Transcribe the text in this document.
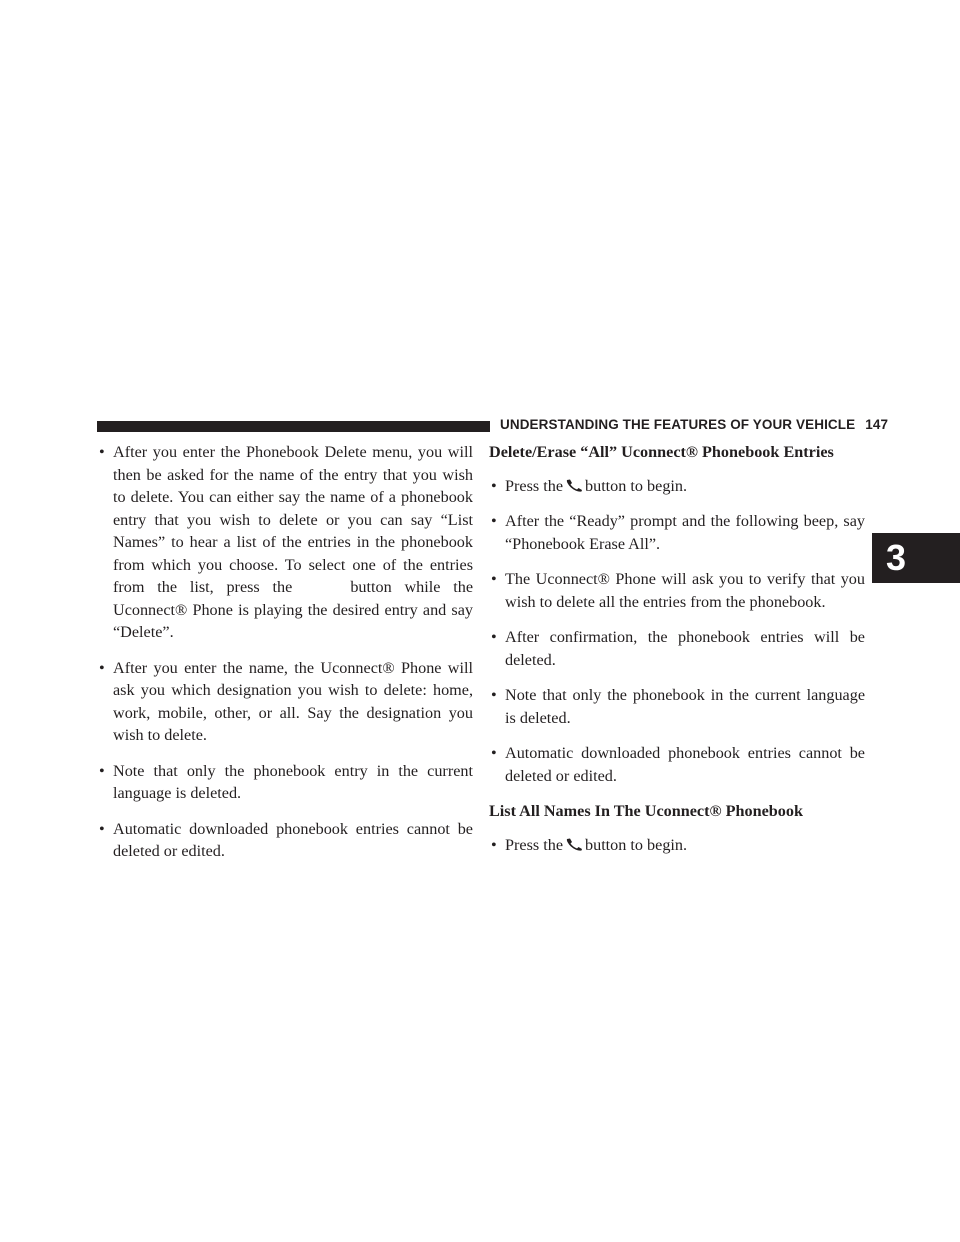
UNDERSTANDING THE FEATURES OF YOUR VEHICLE 147
3
• After you enter the Phonebook Delete menu, you will then be asked for the name of the entry that you wish to delete. You can either say the name of a phonebook entry that you wish to delete or you can say “List Names” to hear a list of the entries in the phonebook from which you choose. To select one of the entries from the list, press the	button while the Uconnect® Phone is playing the desired entry and say “Delete”.
• After you enter the name, the Uconnect® Phone will ask you which designation you wish to delete: home, work, mobile, other, or all. Say the designation you wish to delete.
• Note that only the phonebook entry in the current language is deleted.
• Automatic downloaded phonebook entries cannot be deleted or edited.
Delete/Erase “All” Uconnect® Phonebook Entries
• Press the button to begin.
• After the “Ready” prompt and the following beep, say “Phonebook Erase All”.
• The Uconnect® Phone will ask you to verify that you wish to delete all the entries from the phonebook.
• After confirmation, the phonebook entries will be deleted.
• Note that only the phonebook in the current language is deleted.
• Automatic downloaded phonebook entries cannot be deleted or edited.
List All Names In The Uconnect® Phonebook
• Press the button to begin.
